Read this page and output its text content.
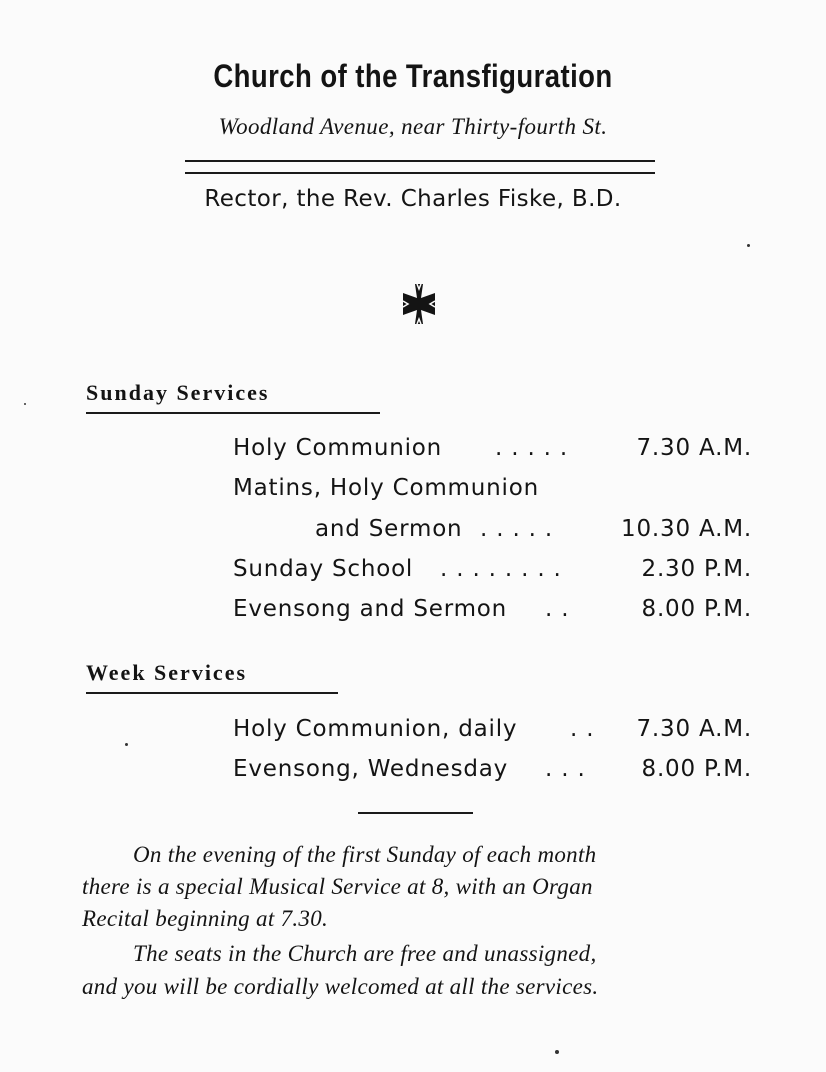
Church of the Transfiguration
Woodland Avenue, near Thirty-fourth St.
Rector, the Rev. Charles Fiske, B.D.
Sunday Services
Holy Communion . . . . .	7.30 A.M.
Matins, Holy Communion
and Sermon . . . . .	10.30 A.M.
Sunday School . . . . . . . .	2.30 P.M.
Evensong and Sermon . .	8.00 P.M.
Week Services
Holy Communion, daily . .	7.30 A.M.
Evensong, Wednesday . . .	8.00 P.M.
On the evening of the first Sunday of each month
there is a special Musical Service at 8, with an Organ
Recital beginning at 7.30.
The seats in the Church are free and unassigned,
and you will be cordially welcomed at all the services.
